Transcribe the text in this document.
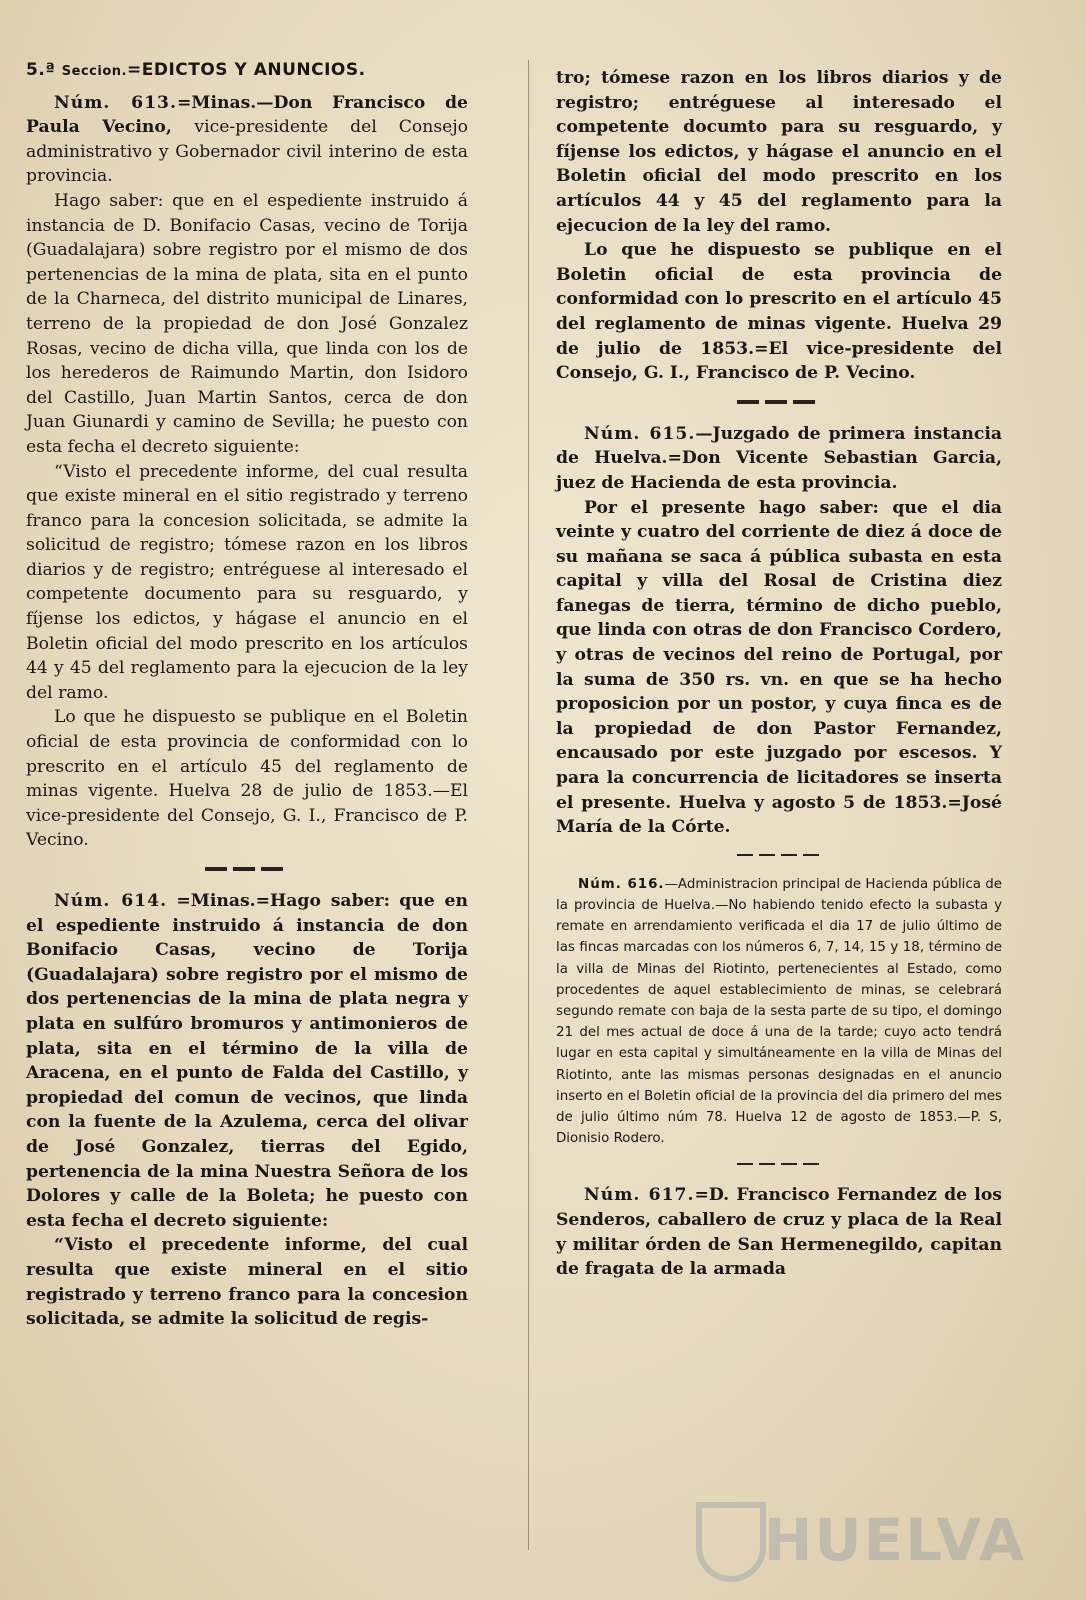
5.ª Seccion.=EDICTOS Y ANUNCIOS.

Núm. 613.=Minas.—Don Francisco de Paula Vecino, vice-presidente del Consejo administrativo y Gobernador civil interino de esta provincia.

Hago saber: que en el espediente instruido á instancia de D. Bonifacio Casas, vecino de Torija (Guadalajara) sobre registro por el mismo de dos pertenencias de la mina de plata, sita en el punto de la Charneca, del distrito municipal de Linares, terreno de la propiedad de don José Gonzalez Rosas, vecino de dicha villa, que linda con los de los herederos de Raimundo Martin, don Isidoro del Castillo, Juan Martin Santos, cerca de don Juan Giunardi y camino de Sevilla; he puesto con esta fecha el decreto siguiente:

“Visto el precedente informe, del cual resulta que existe mineral en el sitio registrado y terreno franco para la concesion solicitada, se admite la solicitud de registro; tómese razon en los libros diarios y de registro; entréguese al interesado el competente documento para su resguardo, y fíjense los edictos, y hágase el anuncio en el Boletin oficial del modo prescrito en los artículos 44 y 45 del reglamento para la ejecucion de la ley del ramo.

Lo que he dispuesto se publique en el Boletin oficial de esta provincia de conformidad con lo prescrito en el artículo 45 del reglamento de minas vigente. Huelva 28 de julio de 1853.—El vice-presidente del Consejo, G. I., Francisco de P. Vecino.

Núm. 614. =Minas.=Hago saber: que en el espediente instruido á instancia de don Bonifacio Casas, vecino de Torija (Guadalajara) sobre registro por el mismo de dos pertenencias de la mina de plata negra y plata en sulfúro bromuros y antimonieros de plata, sita en el término de la villa de Aracena, en el punto de Falda del Castillo, y propiedad del comun de vecinos, que linda con la fuente de la Azulema, cerca del olivar de José Gonzalez, tierras del Egido, pertenencia de la mina Nuestra Señora de los Dolores y calle de la Boleta; he puesto con esta fecha el decreto siguiente:

“Visto el precedente informe, del cual resulta que existe mineral en el sitio registrado y terreno franco para la concesion solicitada, se admite la solicitud de regis-

tro; tómese razon en los libros diarios y de registro; entréguese al interesado el competente documto para su resguardo, y fíjense los edictos, y hágase el anuncio en el Boletin oficial del modo prescrito en los artículos 44 y 45 del reglamento para la ejecucion de la ley del ramo.

Lo que he dispuesto se publique en el Boletin oficial de esta provincia de conformidad con lo prescrito en el artículo 45 del reglamento de minas vigente. Huelva 29 de julio de 1853.=El vice-presidente del Consejo, G. I., Francisco de P. Vecino.

Núm. 615.—Juzgado de primera instancia de Huelva.=Don Vicente Sebastian Garcia, juez de Hacienda de esta provincia.

Por el presente hago saber: que el dia veinte y cuatro del corriente de diez á doce de su mañana se saca á pública subasta en esta capital y villa del Rosal de Cristina diez fanegas de tierra, término de dicho pueblo, que linda con otras de don Francisco Cordero, y otras de vecinos del reino de Portugal, por la suma de 350 rs. vn. en que se ha hecho proposicion por un postor, y cuya finca es de la propiedad de don Pastor Fernandez, encausado por este juzgado por escesos. Y para la concurrencia de licitadores se inserta el presente. Huelva y agosto 5 de 1853.=José María de la Córte.

Núm. 616.—Administracion principal de Hacienda pública de la provincia de Huelva.—No habiendo tenido efecto la subasta y remate en arrendamiento verificada el dia 17 de julio último de las fincas marcadas con los números 6, 7, 14, 15 y 18, término de la villa de Minas del Riotinto, pertenecientes al Estado, como procedentes de aquel establecimiento de minas, se celebrará segundo remate con baja de la sesta parte de su tipo, el domingo 21 del mes actual de doce á una de la tarde; cuyo acto tendrá lugar en esta capital y simultáneamente en la villa de Minas del Riotinto, ante las mismas personas designadas en el anuncio inserto en el Boletin oficial de la provincia del dia primero del mes de julio último núm 78. Huelva 12 de agosto de 1853.—P. S, Dionisio Rodero.

Núm. 617.=D. Francisco Fernandez de los Senderos, caballero de cruz y placa de la Real y militar órden de San Hermenegildo, capitan de fragata de la armada

HUELVA
